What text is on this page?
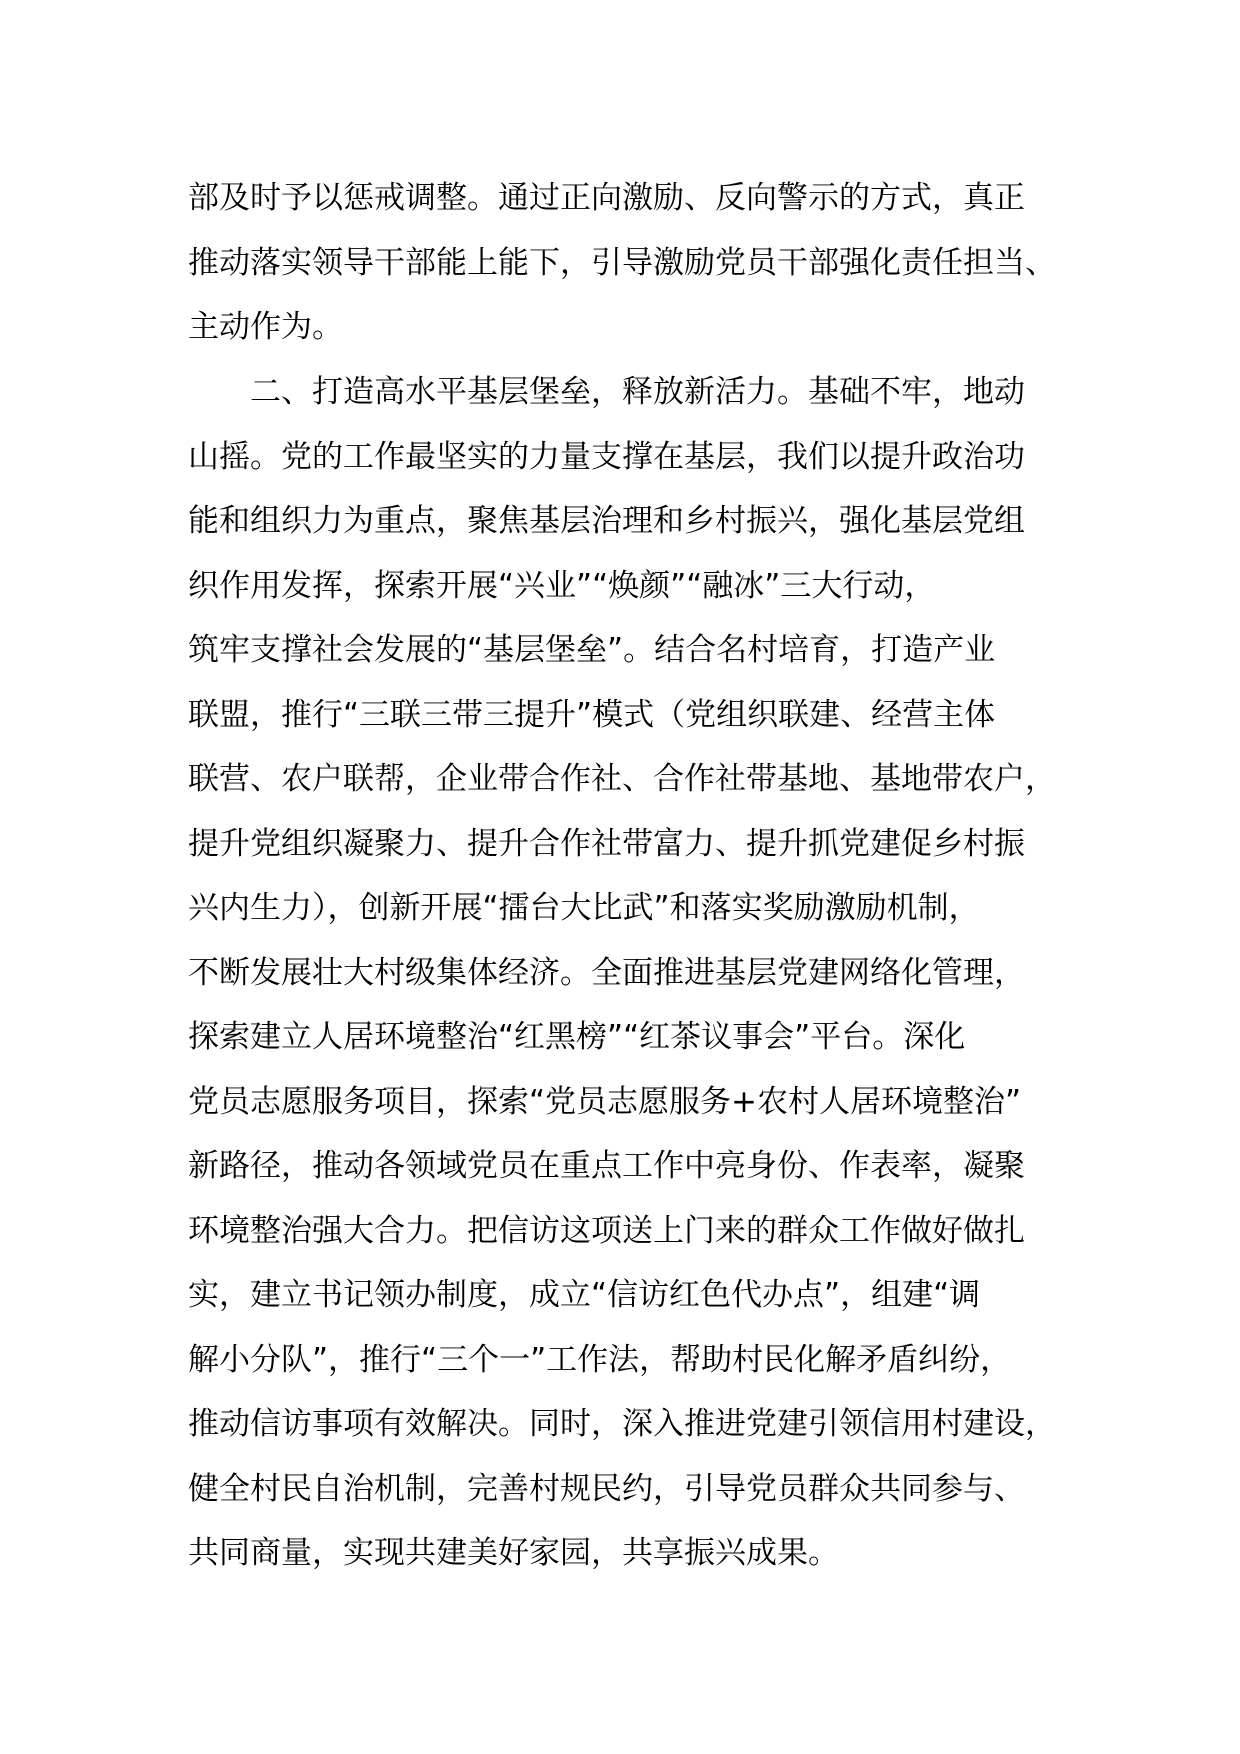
部及时予以惩戒调整。通过正向激励、反向警示的方式，真正
推动落实领导干部能上能下，引导激励党员干部强化责任担当、
主动作为。
二、打造高水平基层堡垒，释放新活力。基础不牢，地动
山摇。党的工作最坚实的力量支撑在基层，我们以提升政治功
能和组织力为重点，聚焦基层治理和乡村振兴，强化基层党组
织作用发挥，探索开展“兴业”“焕颜”“融冰”三大行动，
筑牢支撑社会发展的“基层堡垒”。结合名村培育，打造产业
联盟，推行“三联三带三提升”模式（党组织联建、经营主体
联营、农户联帮，企业带合作社、合作社带基地、基地带农户，
提升党组织凝聚力、提升合作社带富力、提升抓党建促乡村振
兴内生力），创新开展“擂台大比武”和落实奖励激励机制，
不断发展壮大村级集体经济。全面推进基层党建网络化管理，
探索建立人居环境整治“红黑榜”“红茶议事会”平台。深化
党员志愿服务项目，探索“党员志愿服务+农村人居环境整治”
新路径，推动各领域党员在重点工作中亮身份、作表率，凝聚
环境整治强大合力。把信访这项送上门来的群众工作做好做扎
实，建立书记领办制度，成立“信访红色代办点”，组建“调
解小分队”，推行“三个一”工作法，帮助村民化解矛盾纠纷，
推动信访事项有效解决。同时，深入推进党建引领信用村建设，
健全村民自治机制，完善村规民约，引导党员群众共同参与、
共同商量，实现共建美好家园，共享振兴成果。
